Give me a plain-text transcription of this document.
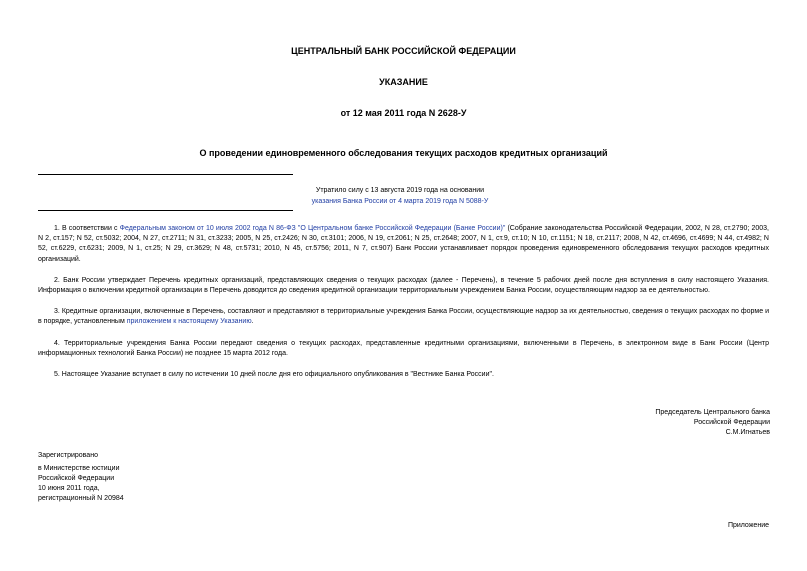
ЦЕНТРАЛЬНЫЙ БАНК РОССИЙСКОЙ ФЕДЕРАЦИИ
УКАЗАНИЕ
от 12 мая 2011 года N 2628-У
О проведении единовременного обследования текущих расходов кредитных организаций
Утратило силу с 13 августа 2019 года на основании
указания Банка России от 4 марта 2019 года N 5088-У

1. В соответствии с Федеральным законом от 10 июля 2002 года N 86-ФЗ "О Центральном банке Российской Федерации (Банке России)" (Собрание законодательства Российской Федерации, 2002, N 28, ст.2790; 2003, N 2, ст.157; N 52, ст.5032; 2004, N 27, ст.2711; N 31, ст.3233; 2005, N 25, ст.2426; N 30, ст.3101; 2006, N 19, ст.2061; N 25, ст.2648; 2007, N 1, ст.9, ст.10; N 10, ст.1151; N 18, ст.2117; 2008, N 42, ст.4696, ст.4699; N 44, ст.4982; N 52, ст.6229, ст.6231; 2009, N 1, ст.25; N 29, ст.3629; N 48, ст.5731; 2010, N 45, ст.5756; 2011, N 7, ст.907) Банк России устанавливает порядок проведения единовременного обследования текущих расходов кредитных организаций.

2. Банк России утверждает Перечень кредитных организаций, представляющих сведения о текущих расходах (далее - Перечень), в течение 5 рабочих дней после дня вступления в силу настоящего Указания. Информация о включении кредитной организации в Перечень доводится до сведения кредитной организации территориальным учреждением Банка России, осуществляющим надзор за ее деятельностью.

3. Кредитные организации, включенные в Перечень, составляют и представляют в территориальные учреждения Банка России, осуществляющие надзор за их деятельностью, сведения о текущих расходах по форме и в порядке, установленным приложением к настоящему Указанию.

4. Территориальные учреждения Банка России передают сведения о текущих расходах, представленные кредитными организациями, включенными в Перечень, в электронном виде в Банк России (Центр информационных технологий Банка России) не позднее 15 марта 2012 года.

5. Настоящее Указание вступает в силу по истечении 10 дней после дня его официального опубликования в "Вестнике Банка России".

Председатель Центрального банка
Российской Федерации
С.М.Игнатьев
Зарегистрировано
в Министерстве юстиции
Российской Федерации
10 июня 2011 года,
регистрационный N 20984
Приложение
